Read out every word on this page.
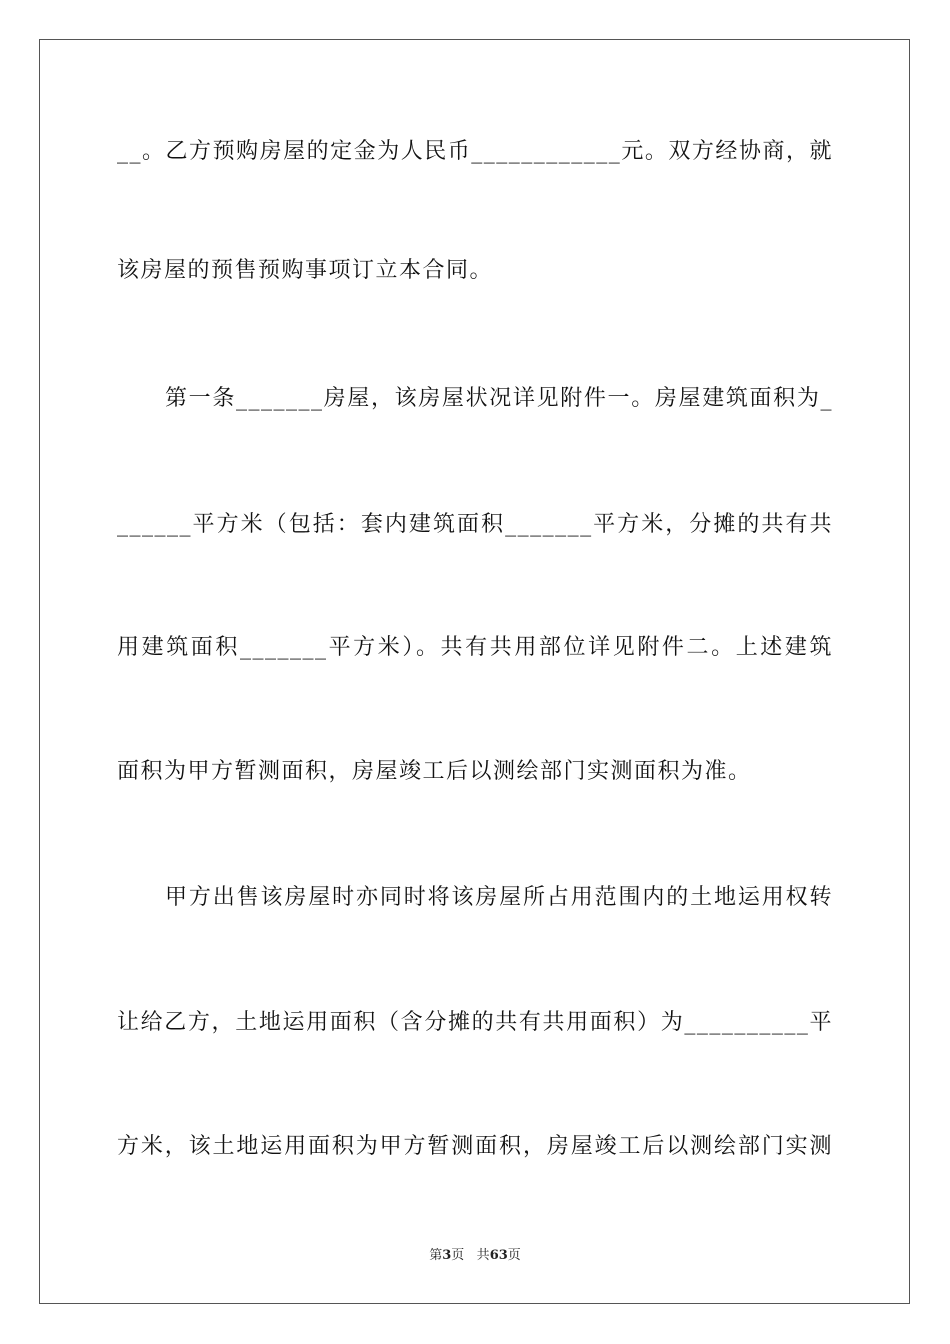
__。乙方预购房屋的定金为人民币____________元。双方经协商，就
该房屋的预售预购事项订立本合同。
第一条_______房屋，该房屋状况详见附件一。房屋建筑面积为_
______平方米（包括：套内建筑面积_______平方米，分摊的共有共
用建筑面积_______平方米）。共有共用部位详见附件二。上述建筑
面积为甲方暂测面积，房屋竣工后以测绘部门实测面积为准。
甲方出售该房屋时亦同时将该房屋所占用范围内的土地运用权转
让给乙方，土地运用面积（含分摊的共有共用面积）为__________平
方米，该土地运用面积为甲方暂测面积，房屋竣工后以测绘部门实测
第3页 共63页
